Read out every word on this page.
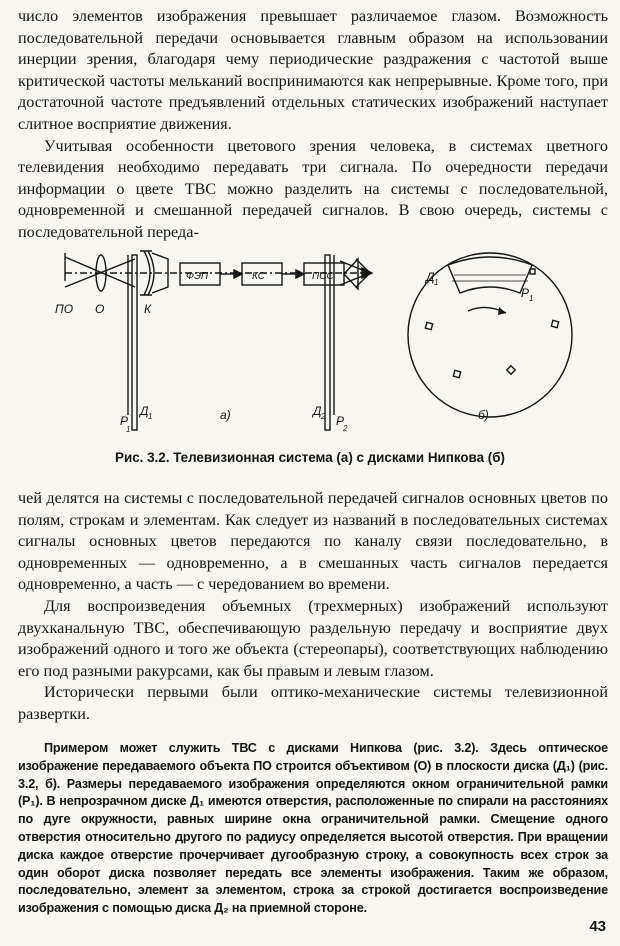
число элементов изображения превышает различаемое глазом. Возможность последовательной передачи основывается главным образом на использовании инерции зрения, благодаря чему периодические раздражения с частотой выше критической частоты мельканий воспринимаются как непрерывные. Кроме того, при достаточной частоте предъявлений отдельных статических изображений наступает слитное восприятие движения.

Учитывая особенности цветового зрения человека, в системах цветного телевидения необходимо передавать три сигнала. По очередности передачи информации о цвете ТВС можно разделить на системы с последовательной, одновременной и смешанной передачей сигналов. В свою очередь, системы с последовательной переда-

ПО О	К
ФЭП	КС	ПСС
Р
1
Д 1	а)	Д 2 Р
2
Д 1
Р 1
б)
Рис. 3.2. Телевизионная система (а) с дисками Нипкова (б)

чей делятся на системы с последовательной передачей сигналов основных цветов по полям, строкам и элементам. Как следует из названий в последовательных системах сигналы основных цветов передаются по каналу связи последовательно, в одновременных — одновременно, а в смешанных часть сигналов передается одновременно, а часть — с чередованием во времени.

Для воспроизведения объемных (трехмерных) изображений используют двухканальную ТВС, обеспечивающую раздельную передачу и восприятие двух изображений одного и того же объекта (стереопары), соответствующих наблюдению его под разными ракурсами, как бы правым и левым глазом.

Исторически первыми были оптико-механические системы телевизионной развертки.

Примером может служить ТВС с дисками Нипкова (рис. 3.2). Здесь оптическое изображение передаваемого объекта ПО строится объективом (О) в плоскости диска (Д₁) (рис. 3.2, б). Размеры передаваемого изображения определяются окном ограничительной рамки (Р₁). В непрозрачном диске Д₁ имеются отверстия, расположенные по спирали на расстояниях по дуге окружности, равных ширине окна ограничительной рамки. Смещение одного отверстия относительно другого по радиусу определяется высотой отверстия. При вращении диска каждое отверстие прочерчивает дугообразную строку, а совокупность всех строк за один оборот диска позволяет передать все элементы изображения. Таким же образом, последовательно, элемент за элементом, строка за строкой достигается воспроизведение изображения с помощью диска Д₂ на приемной стороне.

43
